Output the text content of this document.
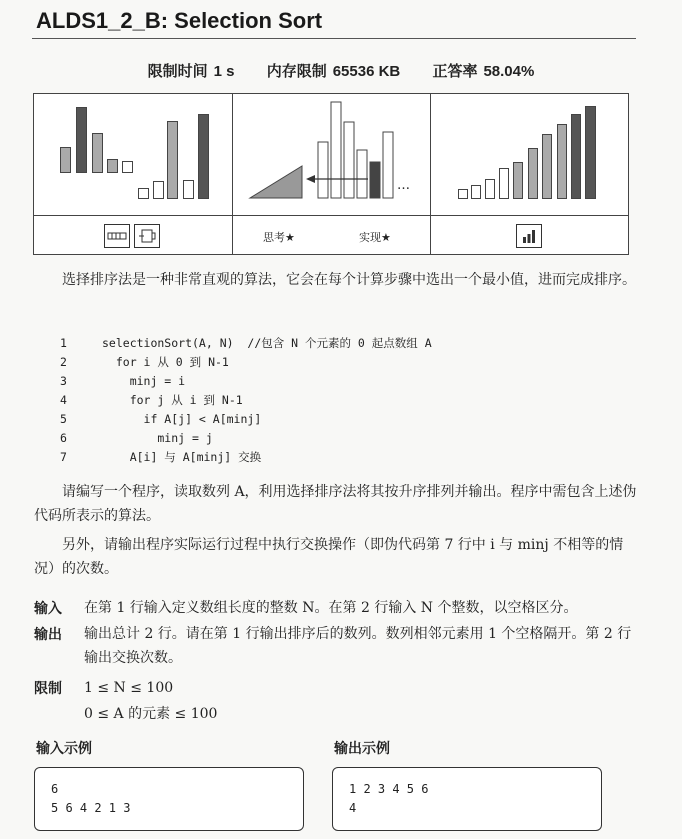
ALDS1_2_B: Selection Sort
限制时间 1 s 内存限制 65536 KB 正答率 58.04%
…
思考★	实现★

选择排序法是一种非常直观的算法，它会在每个计算步骤中选出一个最小值，进而完成排序。

1	selectionSort(A, N)  //包含 N 个元素的 0 起点数组 A
2	for i 从 0 到 N-1
3	minj = i
4	for j 从 i 到 N-1
5	if A[j] < A[minj]
6	minj = j
7	A[i] 与 A[minj] 交换

请编写一个程序，读取数列 A，利用选择排序法将其按升序排列并输出。程序中需包含上述伪代码所表示的算法。

另外，请输出程序实际运行过程中执行交换操作（即伪代码第 7 行中 i 与 minj 不相等的情况）的次数。

输入 在第 1 行输入定义数组长度的整数 N。在第 2 行输入 N 个整数，以空格区分。
输出 输出总计 2 行。请在第 1 行输出排序后的数列。数列相邻元素用 1 个空格隔开。第 2 行输出交换次数。
限制 1 ≤ N ≤ 100
0 ≤ A 的元素 ≤ 100
输入示例	输出示例
6
5 6 4 2 1 3
1 2 3 4 5 6
4
